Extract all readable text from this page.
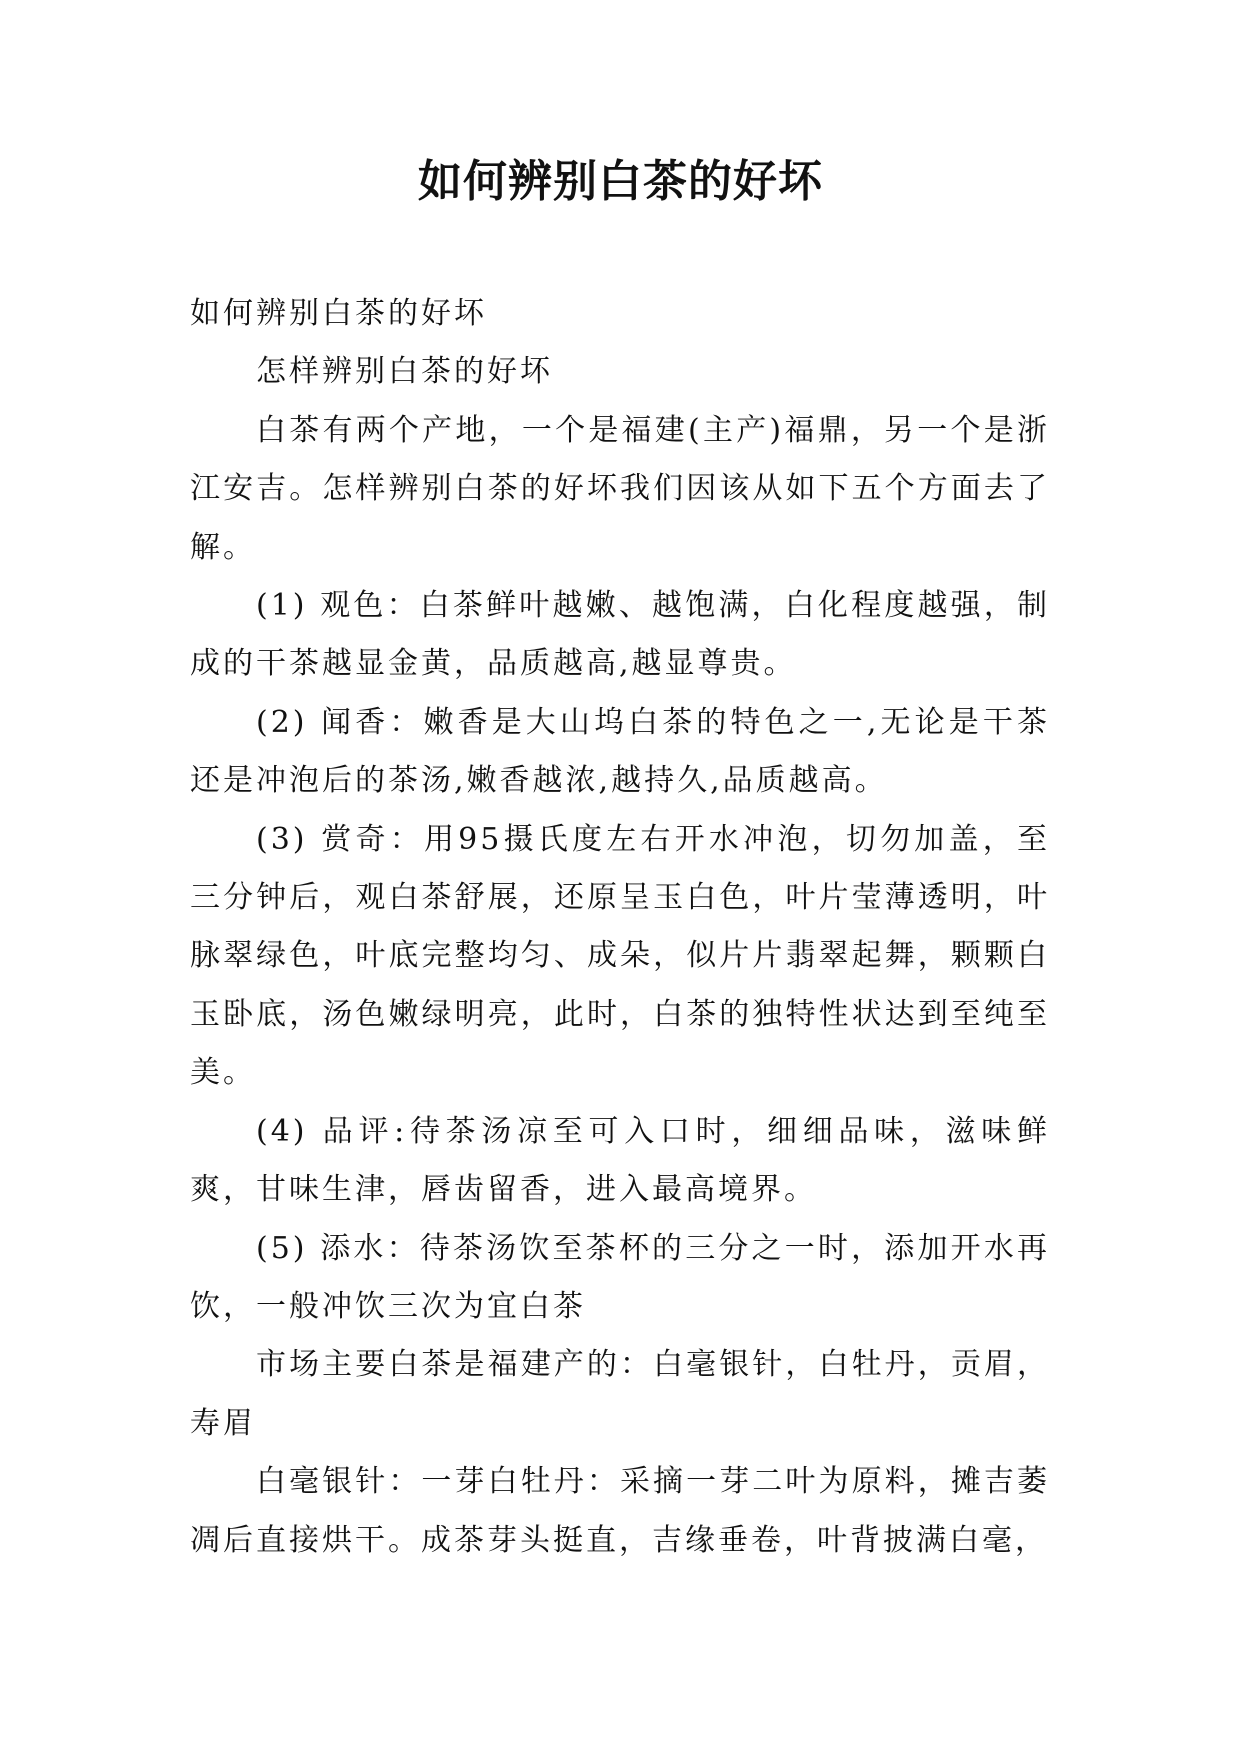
如何辨别白茶的好坏

如何辨别白茶的好坏

怎样辨别白茶的好坏

白茶有两个产地，一个是福建(主产)福鼎，另一个是浙江安吉。怎样辨别白茶的好坏我们因该从如下五个方面去了解。

(1) 观色：白茶鲜叶越嫩、越饱满，白化程度越强，制成的干茶越显金黄，品质越高,越显尊贵。

(2) 闻香：嫩香是大山坞白茶的特色之一,无论是干茶还是冲泡后的茶汤,嫩香越浓,越持久,品质越高。

(3) 赏奇：用95摄氏度左右开水冲泡，切勿加盖，至三分钟后，观白茶舒展，还原呈玉白色，叶片莹薄透明，叶脉翠绿色，叶底完整均匀、成朵，似片片翡翠起舞，颗颗白玉卧底，汤色嫩绿明亮，此时，白茶的独特性状达到至纯至美。

(4) 品评:待茶汤凉至可入口时，细细品味，滋味鲜爽，甘味生津，唇齿留香，进入最高境界。

(5) 添水：待茶汤饮至茶杯的三分之一时，添加开水再饮，一般冲饮三次为宜白茶

市场主要白茶是福建产的：白毫银针，白牡丹，贡眉，寿眉

白毫银针：一芽白牡丹：采摘一芽二叶为原料，摊吉萎凋后直接烘干。成茶芽头挺直，吉缘垂卷，叶背披满白毫，
